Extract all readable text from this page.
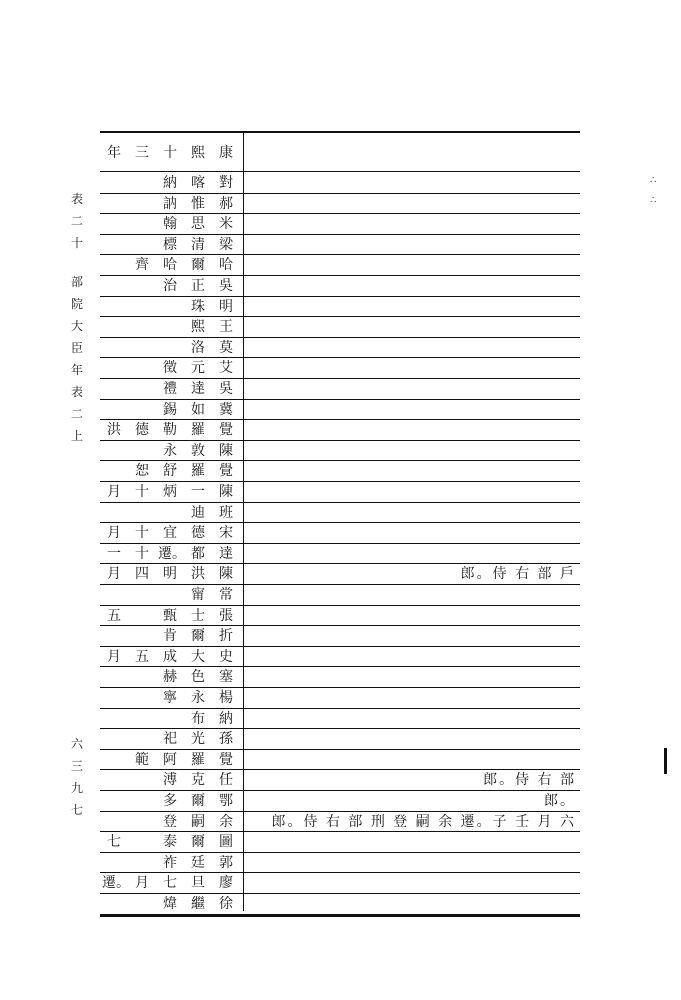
表
二
十
部
院
大
臣
年
表
二
上
六
三
九
七
∴
∴
年	三	十	熙	康
納	喀	對
訥	惟	郝
翰	思	米
標	清	梁
齊	哈	爾	哈
治	正	吳
珠	明
熙	王
洛	莫
徵	元	艾
禮	達	吳
錫	如	冀
洪	德	勒	羅	覺
永	敦	陳
恕	舒	羅	覺
月	十	炳	一	陳
迪	班
月	十	宜	德	宋
一	十 遷。 都	達
月	四	明	洪	陳	郎。侍 右 部 戶
甯	常
五	甄	士	張
肯	爾	折
月	五	成	大	史
赫	色	塞
寧	永	楊
布	納
祀	光	孫
範	阿	羅	覺
溥	克	任	郎。侍 右 部
多	爾	鄂	郎。
登	嗣	余	郎。侍 右 部 刑 登 嗣 余 遷。子 壬 月 六
七	泰	爾	圖
祚	廷	郭
遷。 月	七	旦	廖
煒	繼	徐
